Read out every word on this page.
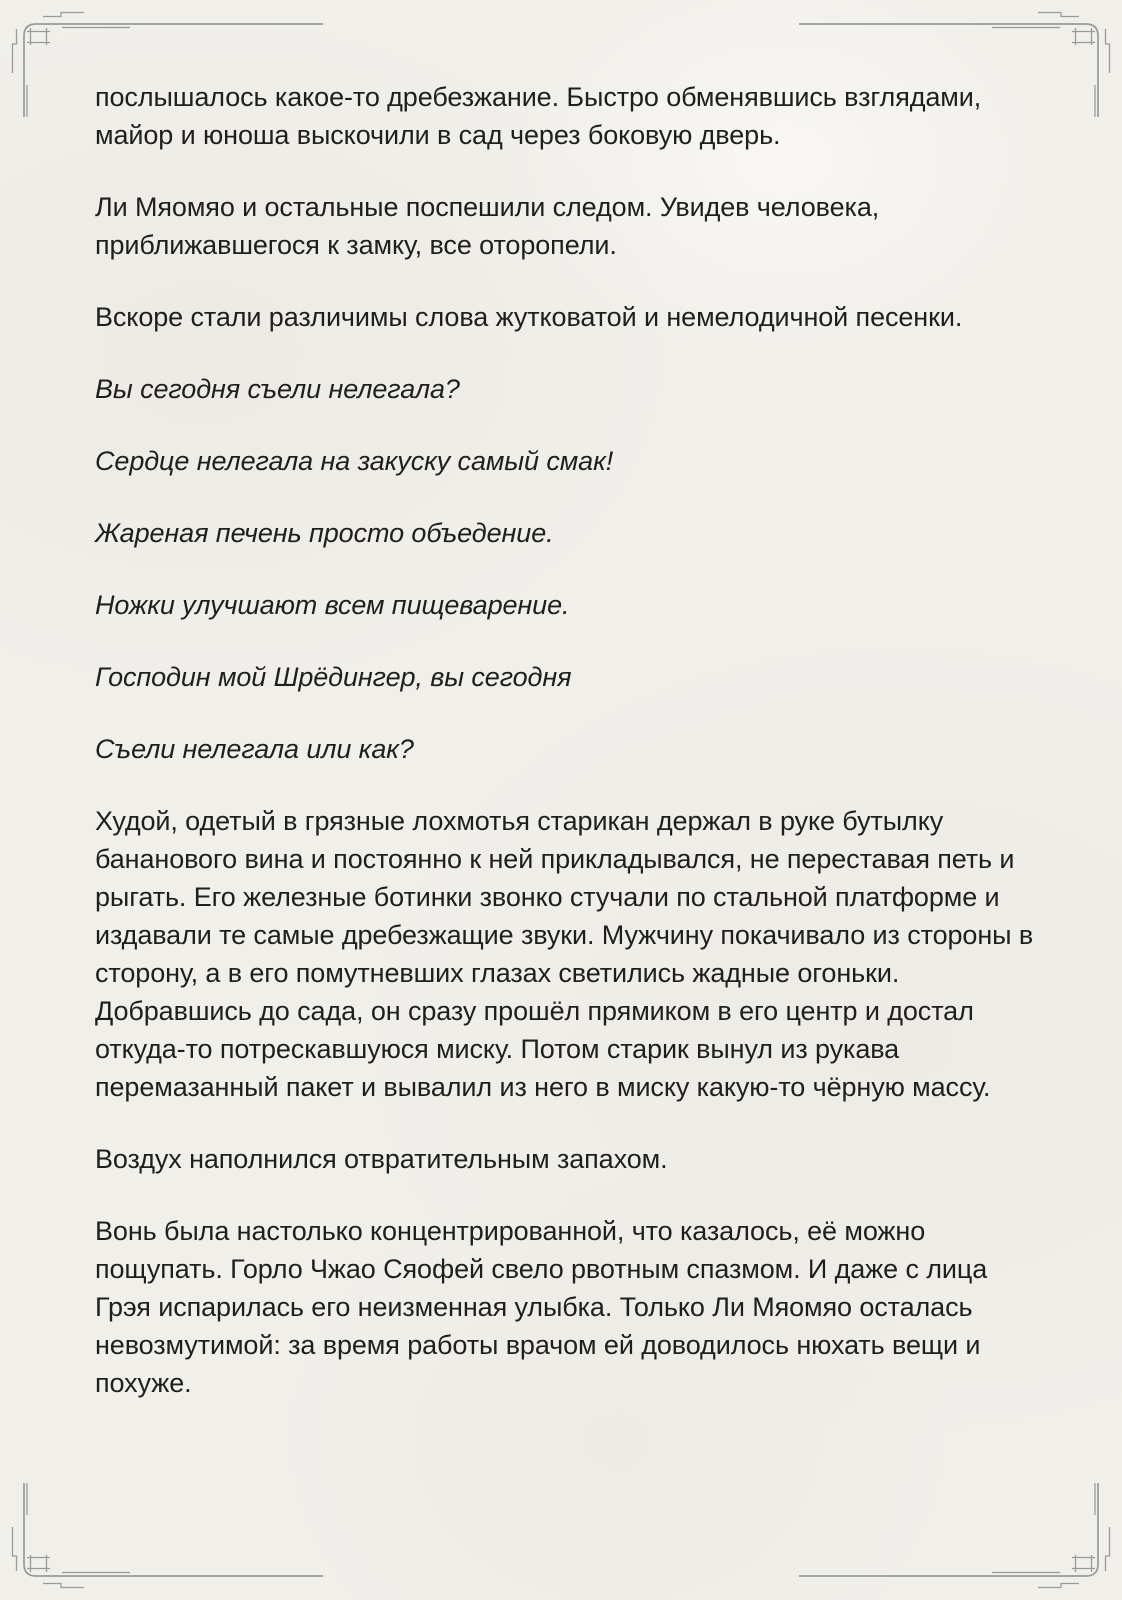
послышалось какое-то дребезжание. Быстро обменявшись взглядами, майор и юноша выскочили в сад через боковую дверь.

Ли Мяомяо и остальные поспешили следом. Увидев человека, приближавшегося к замку, все оторопели.

Вскоре стали различимы слова жутковатой и немелодичной песенки.

Вы сегодня съели нелегала?

Сердце нелегала на закуску самый смак!

Жареная печень просто объедение.

Ножки улучшают всем пищеварение.

Господин мой Шрёдингер, вы сегодня

Съели нелегала или как?

Худой, одетый в грязные лохмотья старикан держал в руке бутылку бананового вина и постоянно к ней прикладывался, не переставая петь и рыгать. Его железные ботинки звонко стучали по стальной платформе и издавали те самые дребезжащие звуки. Мужчину покачивало из стороны в сторону, а в его помутневших глазах светились жадные огоньки. Добравшись до сада, он сразу прошёл прямиком в его центр и достал откуда-то потрескавшуюся миску. Потом старик вынул из рукава перемазанный пакет и вывалил из него в миску какую-то чёрную массу.

Воздух наполнился отвратительным запахом.

Вонь была настолько концентрированной, что казалось, её можно пощупать. Горло Чжао Сяофей свело рвотным спазмом. И даже с лица Грэя испарилась его неизменная улыбка. Только Ли Мяомяо осталась невозмутимой: за время работы врачом ей доводилось нюхать вещи и похуже.
